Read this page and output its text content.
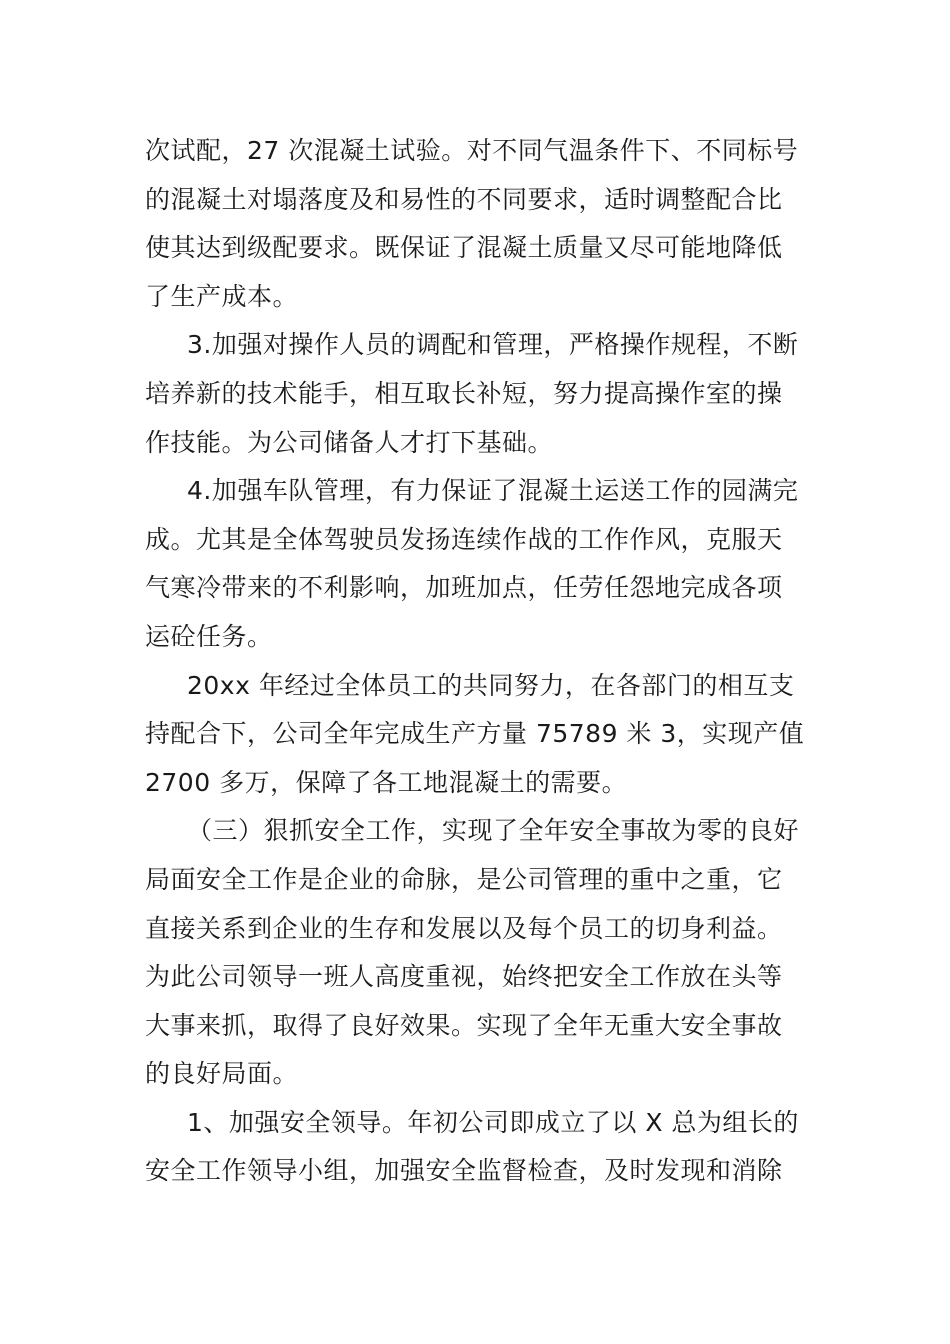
次试配，27 次混凝土试验。对不同气温条件下、不同标号
的混凝土对塌落度及和易性的不同要求，适时调整配合比
使其达到级配要求。既保证了混凝土质量又尽可能地降低
了生产成本。
3.加强对操作人员的调配和管理，严格操作规程，不断
培养新的技术能手，相互取长补短，努力提高操作室的操
作技能。为公司储备人才打下基础。
4.加强车队管理，有力保证了混凝土运送工作的园满完
成。尤其是全体驾驶员发扬连续作战的工作作风，克服天
气寒冷带来的不利影响，加班加点，任劳任怨地完成各项
运砼任务。
20xx 年经过全体员工的共同努力，在各部门的相互支
持配合下，公司全年完成生产方量 75789 米 3，实现产值
2700 多万，保障了各工地混凝土的需要。
（三）狠抓安全工作，实现了全年安全事故为零的良好
局面安全工作是企业的命脉，是公司管理的重中之重，它
直接关系到企业的生存和发展以及每个员工的切身利益。
为此公司领导一班人高度重视，始终把安全工作放在头等
大事来抓，取得了良好效果。实现了全年无重大安全事故
的良好局面。
1、加强安全领导。年初公司即成立了以 X 总为组长的
安全工作领导小组，加强安全监督检查，及时发现和消除
